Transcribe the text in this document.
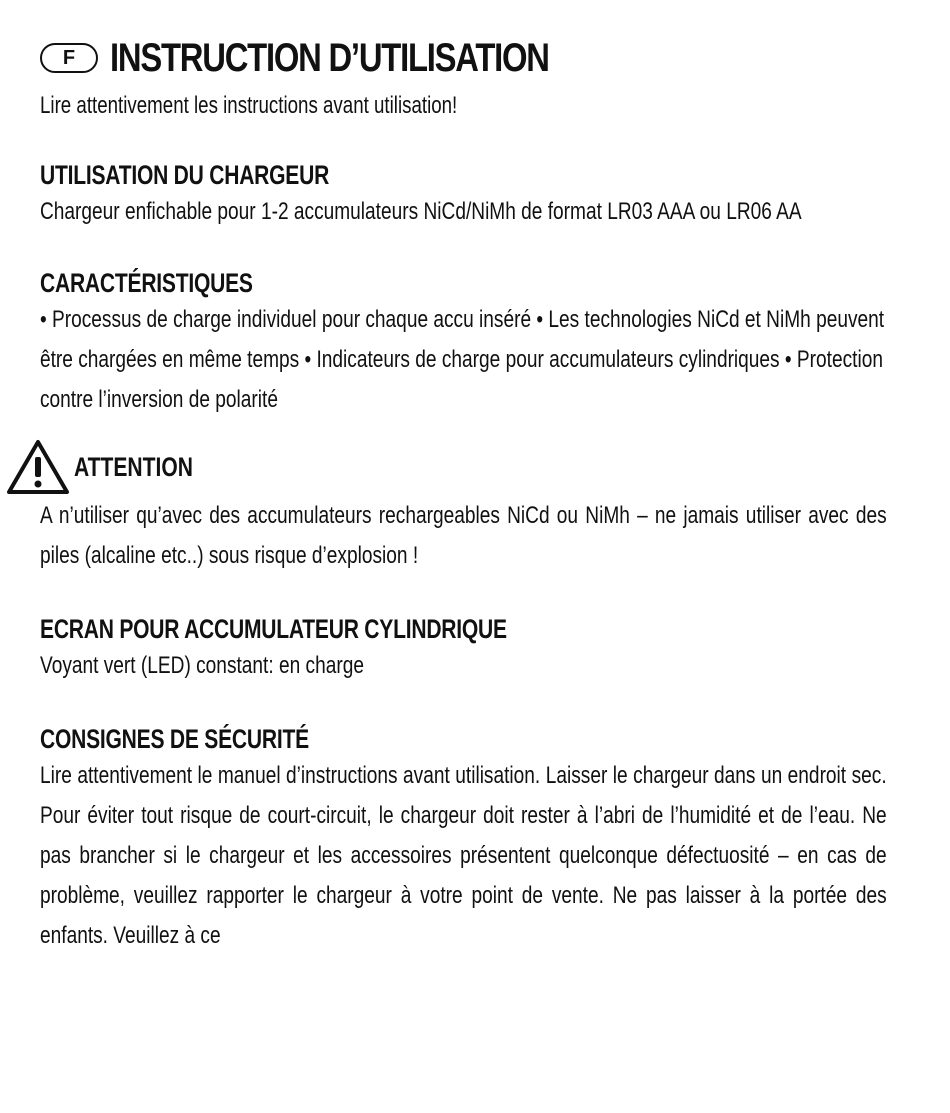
F INSTRUCTION D’UTILISATION
Lire attentivement les instructions avant utilisation!
UTILISATION DU CHARGEUR
Chargeur enfichable pour 1-2 accumulateurs NiCd/NiMh de format LR03 AAA ou LR06 AA
CARACTÉRISTIQUES
• Processus de charge individuel pour chaque accu inséré • Les technologies NiCd et NiMh peuvent être chargées en même temps • Indicateurs de charge pour accumulateurs cylindriques • Protection contre l’inversion de polarité
ATTENTION
A n’utiliser qu’avec des accumulateurs rechargeables NiCd ou NiMh – ne jamais utiliser avec des piles (alcaline etc..) sous risque d’explosion !
ECRAN POUR ACCUMULATEUR CYLINDRIQUE
Voyant vert (LED) constant: en charge
CONSIGNES DE SÉCURITÉ
Lire attentivement le manuel d’instructions avant utilisation. Laisser le chargeur dans un endroit sec. Pour éviter tout risque de court-circuit, le chargeur doit rester à l’abri de l’humidité et de l’eau. Ne pas brancher si le chargeur et les accessoires présentent quelconque défectuosité – en cas de problème, veuillez rapporter le chargeur à votre point de vente. Ne pas laisser à la portée des enfants. Veuillez à ce
